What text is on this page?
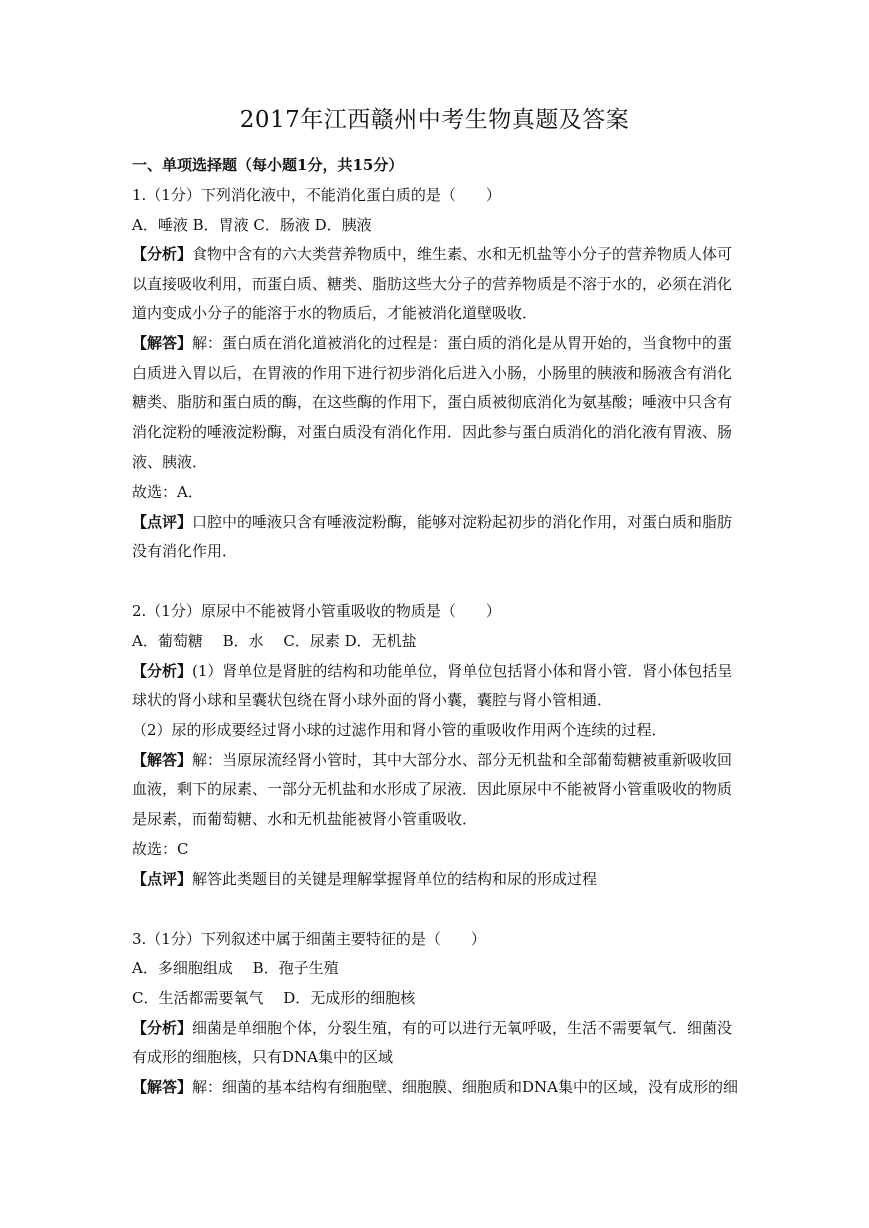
2017年江西赣州中考生物真题及答案
一、单项选择题（每小题1分，共15分）
1.（1分）下列消化液中，不能消化蛋白质的是（　　）
A．唾液 B．胃液 C．肠液 D．胰液
【分析】食物中含有的六大类营养物质中，维生素、水和无机盐等小分子的营养物质人体可
以直接吸收利用，而蛋白质、糖类、脂肪这些大分子的营养物质是不溶于水的，必须在消化
道内变成小分子的能溶于水的物质后，才能被消化道壁吸收．
【解答】解：蛋白质在消化道被消化的过程是：蛋白质的消化是从胃开始的，当食物中的蛋
白质进入胃以后，在胃液的作用下进行初步消化后进入小肠，小肠里的胰液和肠液含有消化
糖类、脂肪和蛋白质的酶，在这些酶的作用下，蛋白质被彻底消化为氨基酸；唾液中只含有
消化淀粉的唾液淀粉酶，对蛋白质没有消化作用．因此参与蛋白质消化的消化液有胃液、肠
液、胰液．
故选：A．
【点评】口腔中的唾液只含有唾液淀粉酶，能够对淀粉起初步的消化作用，对蛋白质和脂肪
没有消化作用．
2.（1分）原尿中不能被肾小管重吸收的物质是（　　）
A．葡萄糖　 B．水　 C．尿素 D．无机盐
【分析】(1）肾单位是肾脏的结构和功能单位，肾单位包括肾小体和肾小管．肾小体包括呈
球状的肾小球和呈囊状包绕在肾小球外面的肾小囊，囊腔与肾小管相通．
（2）尿的形成要经过肾小球的过滤作用和肾小管的重吸收作用两个连续的过程．
【解答】解：当原尿流经肾小管时，其中大部分水、部分无机盐和全部葡萄糖被重新吸收回
血液，剩下的尿素、一部分无机盐和水形成了尿液．因此原尿中不能被肾小管重吸收的物质
是尿素，而葡萄糖、水和无机盐能被肾小管重吸收．
故选：C
【点评】解答此类题目的关键是理解掌握肾单位的结构和尿的形成过程
3.（1分）下列叙述中属于细菌主要特征的是（　　）
A．多细胞组成　 B．孢子生殖
C．生活都需要氧气　 D．无成形的细胞核
【分析】细菌是单细胞个体，分裂生殖，有的可以进行无氧呼吸，生活不需要氧气．细菌没
有成形的细胞核，只有DNA集中的区域
【解答】解：细菌的基本结构有细胞壁、细胞膜、细胞质和DNA集中的区域，没有成形的细
